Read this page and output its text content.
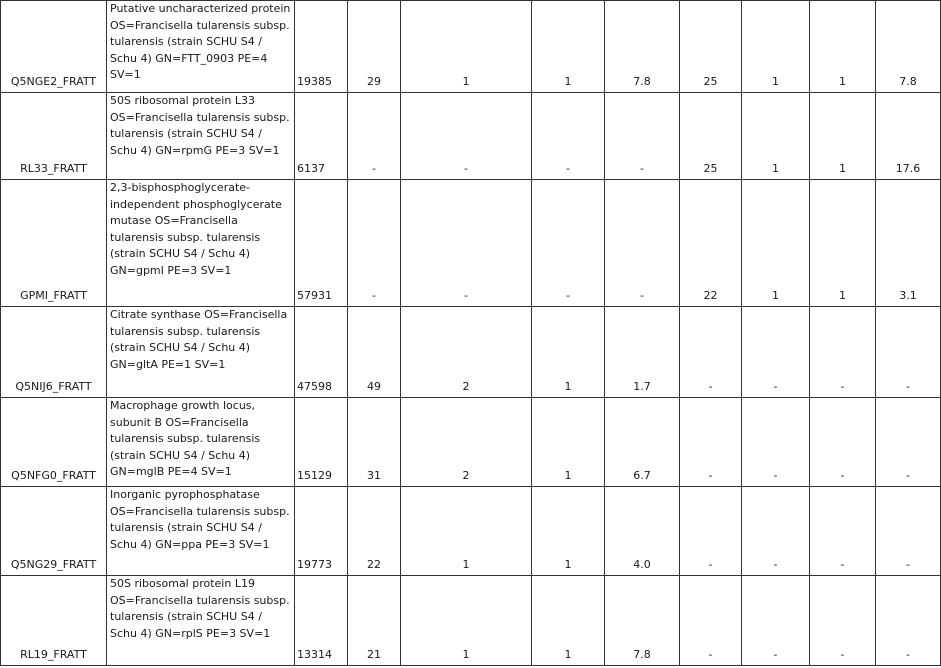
Q5NGE2_FRATT	Putative uncharacterized protein OS=Francisella tularensis subsp. tularensis (strain SCHU S4 / Schu 4) GN=FTT_0903 PE=4 SV=1	19385	29	1	1	7.8	25	1	1	7.8
RL33_FRATT	50S ribosomal protein L33 OS=Francisella tularensis subsp. tularensis (strain SCHU S4 / Schu 4) GN=rpmG PE=3 SV=1	6137	-	-	-	-	25	1	1	17.6
GPMI_FRATT	2,3-bisphosphoglycerate-independent phosphoglycerate mutase OS=Francisella tularensis subsp. tularensis (strain SCHU S4 / Schu 4) GN=gpmI PE=3 SV=1	57931	-	-	-	-	22	1	1	3.1
Q5NIJ6_FRATT	Citrate synthase OS=Francisella tularensis subsp. tularensis (strain SCHU S4 / Schu 4) GN=gltA PE=1 SV=1	47598	49	2	1	1.7	-	-	-	-
Q5NFG0_FRATT	Macrophage growth locus, subunit B OS=Francisella tularensis subsp. tularensis (strain SCHU S4 / Schu 4) GN=mglB PE=4 SV=1	15129	31	2	1	6.7	-	-	-	-
Q5NG29_FRATT	Inorganic pyrophosphatase OS=Francisella tularensis subsp. tularensis (strain SCHU S4 / Schu 4) GN=ppa PE=3 SV=1	19773	22	1	1	4.0	-	-	-	-
RL19_FRATT	50S ribosomal protein L19 OS=Francisella tularensis subsp. tularensis (strain SCHU S4 / Schu 4) GN=rplS PE=3 SV=1	13314	21	1	1	7.8	-	-	-	-
